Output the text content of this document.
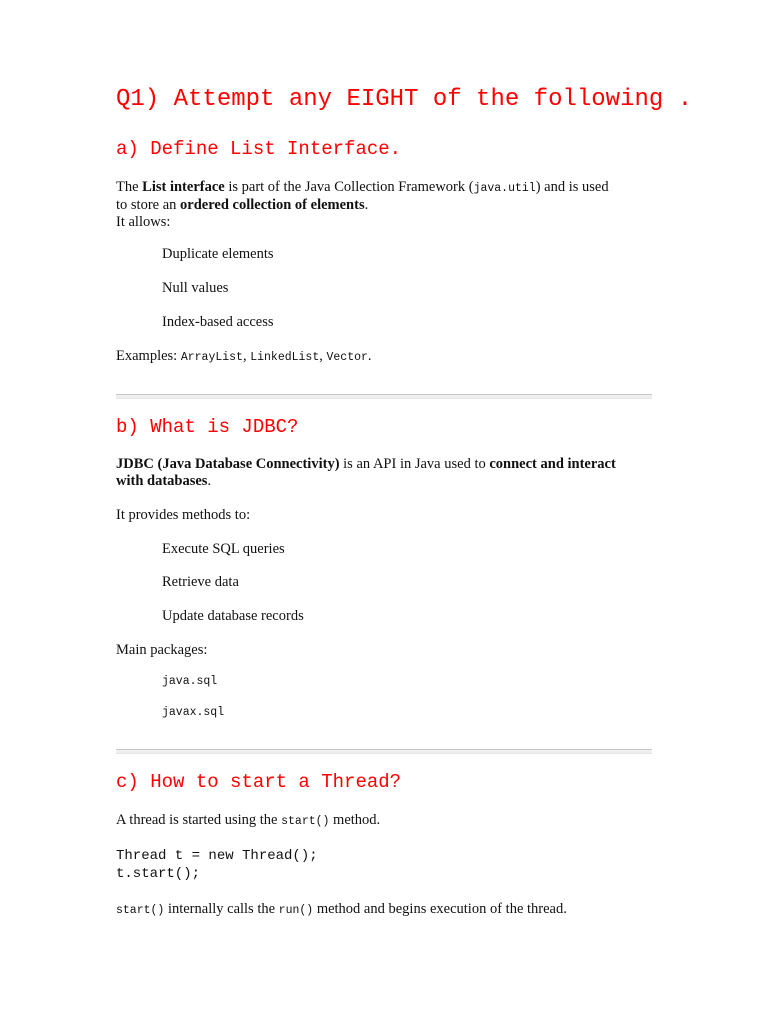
Q1) Attempt any EIGHT of the following .
a) Define List Interface.

The List interface is part of the Java Collection Framework (java.util) and is used
to store an ordered collection of elements.
It allows:

Duplicate elements

Null values

Index-based access

Examples: ArrayList, LinkedList, Vector.

b) What is JDBC?

JDBC (Java Database Connectivity) is an API in Java used to connect and interact
with databases.

It provides methods to:

Execute SQL queries

Retrieve data

Update database records

Main packages:

java.sql

javax.sql

c) How to start a Thread?

A thread is started using the start() method.

Thread t = new Thread();
t.start();

start() internally calls the run() method and begins execution of the thread.
